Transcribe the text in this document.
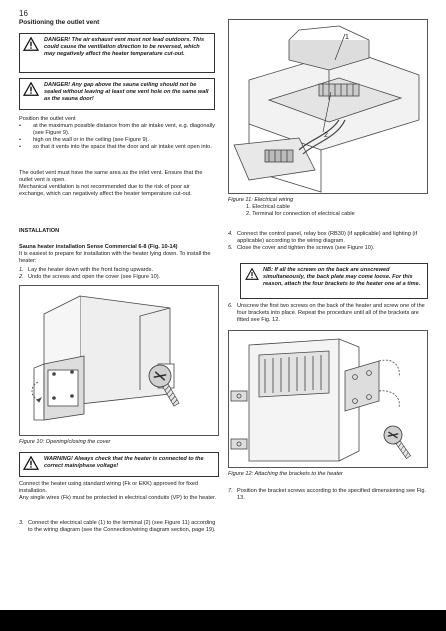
16
Positioning the outlet vent
DANGER! The air exhaust vent must not lead outdoors. This could cause the ventilation direction to be reversed, which may negatively affect the heater temperature cut-out.
DANGER! Any gap above the sauna ceiling should not be sealed without leaving at least one vent hole on the same wall as the sauna door!
Position the outlet vent
• at the maximum possible distance from the air intake vent, e.g. diagonally (see Figure 9).
• high on the wall or in the ceiling (see Figure 9).
• so that it vents into the space that the door and air intake vent open into.
The outlet vent must have the same area as the inlet vent. Ensure that the outlet vent is open.
Mechanical ventilation is not recommended due to the risk of poor air exchange, which can negatively affect the heater temperature cut-out.
INSTALLATION
Sauna heater installation Sense Commercial 6-8 (Fig. 10-14)
It is easiest to prepare for installation with the heater lying down. To install the heater:
1. Lay the heater down with the front facing upwards.
2. Undo the screws and open the cover (see Figure 10).
Figure 10: Opening/closing the cover
WARNING! Always check that the heater is connected to the correct main/phase voltage!
Connect the heater using standard wiring (Fk or EKK) approved for fixed installation.
Any single wires (Fk) must be protected in electrical conduits (VP) to the heater.
3. Connect the electrical cable (1) to the terminal (2) (see Figure 11) according to the wiring diagram (see the Connection/wiring diagram section, page 19).
1
2
Figure 11: Electrical wiring
1. Electrical cable
2. Terminal for connection of electrical cable
4. Connect the control panel, relay box (RB30) (if applicable) and lighting (if applicable) according to the wiring diagram.
5. Close the cover and tighten the screws (see Figure 10).
NB: If all the screws on the back are unscrewed simultaneously, the back plate may come loose. For this reason, attach the four brackets to the heater one at a time.
6. Unscrew the first two screws on the back of the heater and screw one of the four brackets into place. Repeat the procedure until all of the brackets are fitted see Fig. 12.
Figure 12: Attaching the brackets to the heater
7. Position the bracket screws according to the specified dimensioning see Fig. 13.
